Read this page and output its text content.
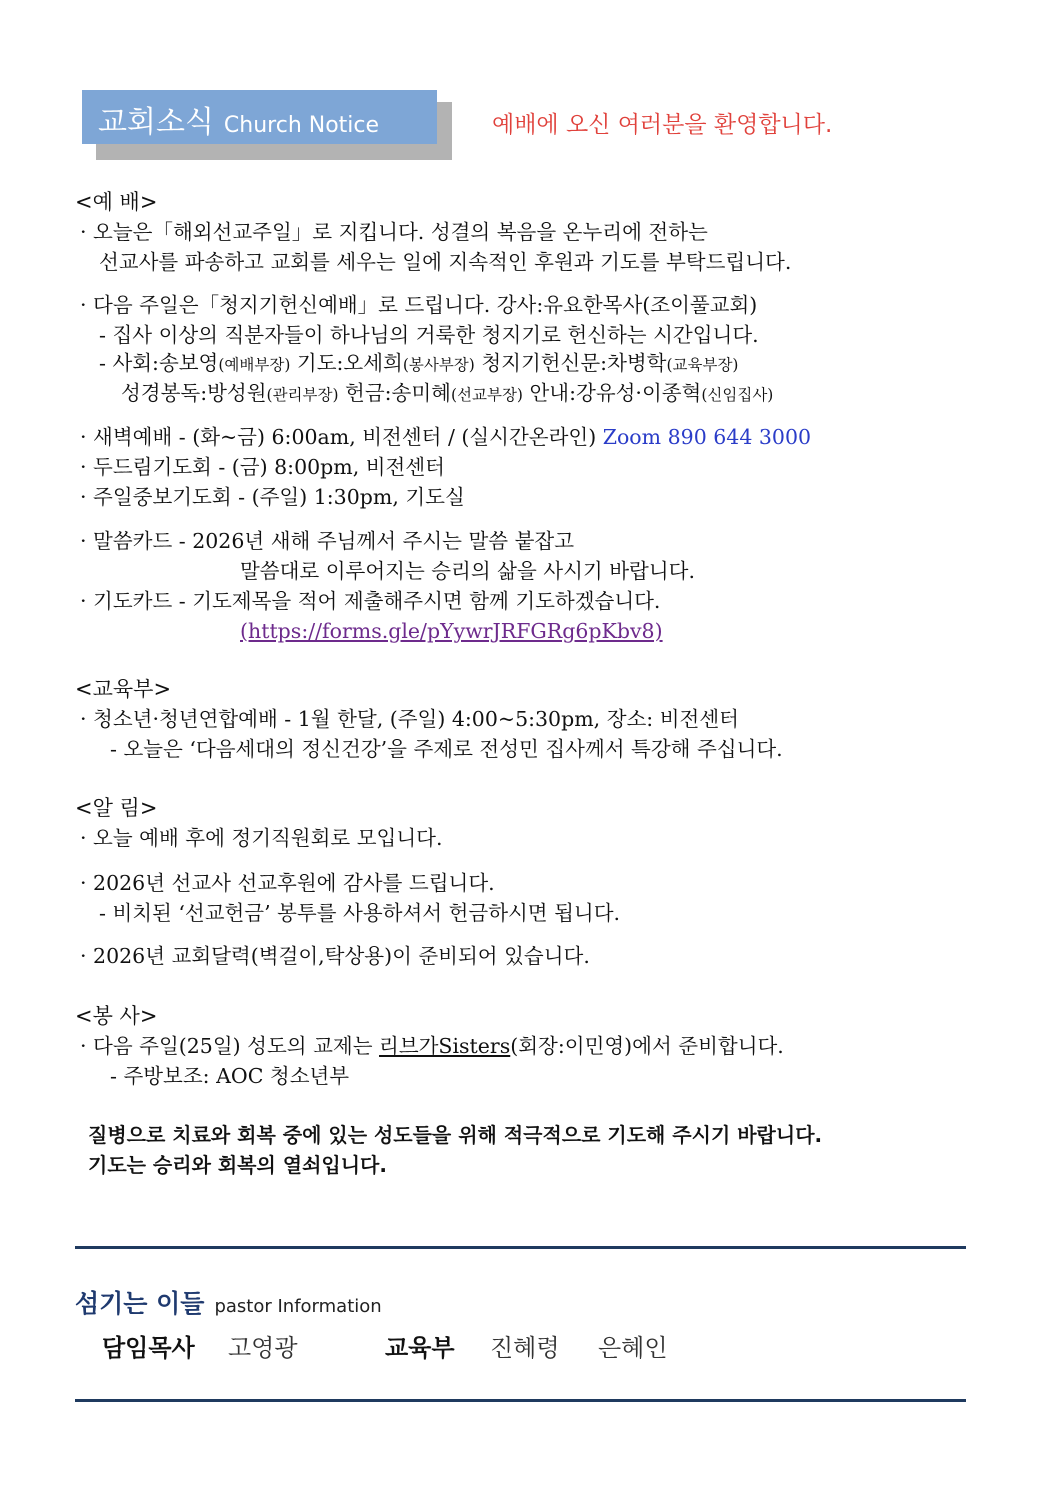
교회소식 Church Notice	예배에 오신 여러분을 환영합니다.
<예 배>
· 오늘은「해외선교주일」로 지킵니다. 성결의 복음을 온누리에 전하는
선교사를 파송하고 교회를 세우는 일에 지속적인 후원과 기도를 부탁드립니다.
· 다음 주일은「청지기헌신예배」로 드립니다. 강사:유요한목사(조이풀교회)
- 집사 이상의 직분자들이 하나님의 거룩한 청지기로 헌신하는 시간입니다.
- 사회:송보영(예배부장) 기도:오세희(봉사부장) 청지기헌신문:차병학(교육부장)
성경봉독:방성원(관리부장) 헌금:송미혜(선교부장) 안내:강유성·이종혁(신임집사)
· 새벽예배 - (화~금) 6:00am, 비전센터 / (실시간온라인) Zoom 890 644 3000
· 두드림기도회 - (금) 8:00pm, 비전센터
· 주일중보기도회 - (주일) 1:30pm, 기도실
· 말씀카드 - 2026년 새해 주님께서 주시는 말씀 붙잡고
말씀대로 이루어지는 승리의 삶을 사시기 바랍니다.
· 기도카드 - 기도제목을 적어 제출해주시면 함께 기도하겠습니다.
(https://forms.gle/pYywrJRFGRg6pKbv8)
<교육부>
· 청소년·청년연합예배 - 1월 한달, (주일) 4:00~5:30pm, 장소: 비전센터
- 오늘은 ‘다음세대의 정신건강’을 주제로 전성민 집사께서 특강해 주십니다.
<알 림>
· 오늘 예배 후에 정기직원회로 모입니다.
· 2026년 선교사 선교후원에 감사를 드립니다.
- 비치된 ‘선교헌금’ 봉투를 사용하셔서 헌금하시면 됩니다.
· 2026년 교회달력(벽걸이,탁상용)이 준비되어 있습니다.
<봉 사>
· 다음 주일(25일) 성도의 교제는 리브가Sisters(회장:이민영)에서 준비합니다.
- 주방보조: AOC 청소년부
질병으로 치료와 회복 중에 있는 성도들을 위해 적극적으로 기도해 주시기 바랍니다.
기도는 승리와 회복의 열쇠입니다.
섬기는 이들 pastor Information
담임목사 고영광	교육부 진혜령 은혜인
